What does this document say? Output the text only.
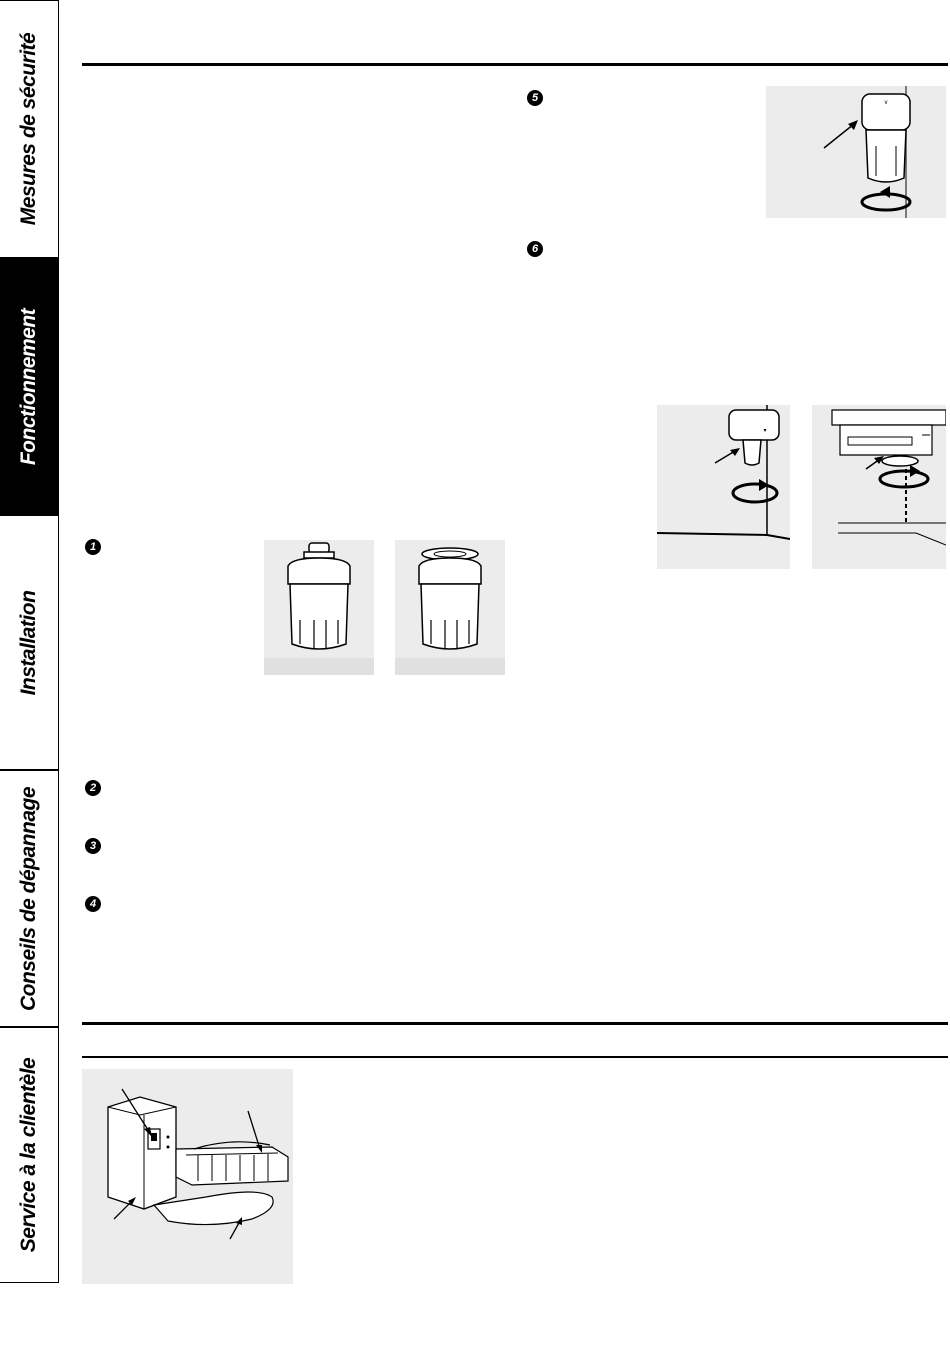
Mesures de sécurité
Fonctionnement
Installation
Conseils de dépannage
Service à la clientèle
5
6
1
2
3
4
v
▾
